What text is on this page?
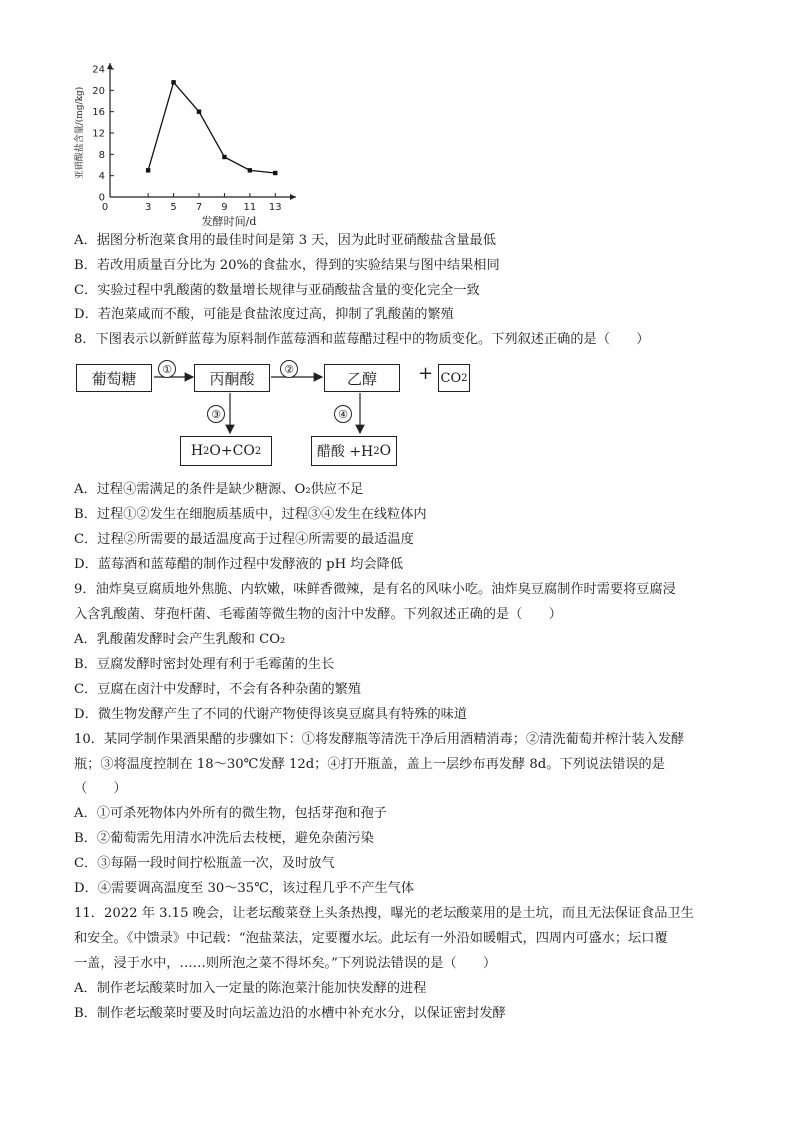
0
4
8
12
16
20
24
3 5 7 9 11 13
0
发酵时间/d
亚硝酸盐含量/(mg/kg)
A．据图分析泡菜食用的最佳时间是第 3 天，因为此时亚硝酸盐含量最低
B．若改用质量百分比为 20%的食盐水，得到的实验结果与图中结果相同
C．实验过程中乳酸菌的数量增长规律与亚硝酸盐含量的变化完全一致
D．若泡菜咸而不酸，可能是食盐浓度过高，抑制了乳酸菌的繁殖
8．下图表示以新鲜蓝莓为原料制作蓝莓酒和蓝莓醋过程中的物质变化。下列叙述正确的是（　　）
葡萄糖	丙酮酸	乙醇	+ CO 2
H 2 O+CO 2	醋酸 +H 2 O
①	②
③	④
A．过程④需满足的条件是缺少糖源、O₂供应不足
B．过程①②发生在细胞质基质中，过程③④发生在线粒体内
C．过程②所需要的最适温度高于过程④所需要的最适温度
D．蓝莓酒和蓝莓醋的制作过程中发酵液的 pH 均会降低
9．油炸臭豆腐质地外焦脆、内软嫩，味鲜香微辣，是有名的风味小吃。油炸臭豆腐制作时需要将豆腐浸
入含乳酸菌、芽孢杆菌、毛霉菌等微生物的卤汁中发酵。下列叙述正确的是（　　）
A．乳酸菌发酵时会产生乳酸和 CO₂
B．豆腐发酵时密封处理有利于毛霉菌的生长
C．豆腐在卤汁中发酵时，不会有各种杂菌的繁殖
D．微生物发酵产生了不同的代谢产物使得该臭豆腐具有特殊的味道
10．某同学制作果酒果醋的步骤如下：①将发酵瓶等清洗干净后用酒精消毒；②清洗葡萄并榨汁装入发酵
瓶；③将温度控制在 18～30℃发酵 12d；④打开瓶盖，盖上一层纱布再发酵 8d。下列说法错误的是
（　　）
A．①可杀死物体内外所有的微生物，包括芽孢和孢子
B．②葡萄需先用清水冲洗后去枝梗，避免杂菌污染
C．③每隔一段时间拧松瓶盖一次，及时放气
D．④需要调高温度至 30～35℃，该过程几乎不产生气体
11．2022 年 3.15 晚会，让老坛酸菜登上头条热搜，曝光的老坛酸菜用的是土坑，而且无法保证食品卫生
和安全。《中馈录》中记载：“泡盐菜法，定要覆水坛。此坛有一外沿如暖帽式，四周内可盛水；坛口覆
一盖，浸于水中，……则所泡之菜不得坏矣。”下列说法错误的是（　　）
A．制作老坛酸菜时加入一定量的陈泡菜汁能加快发酵的进程
B．制作老坛酸菜时要及时向坛盖边沿的水槽中补充水分，以保证密封发酵
